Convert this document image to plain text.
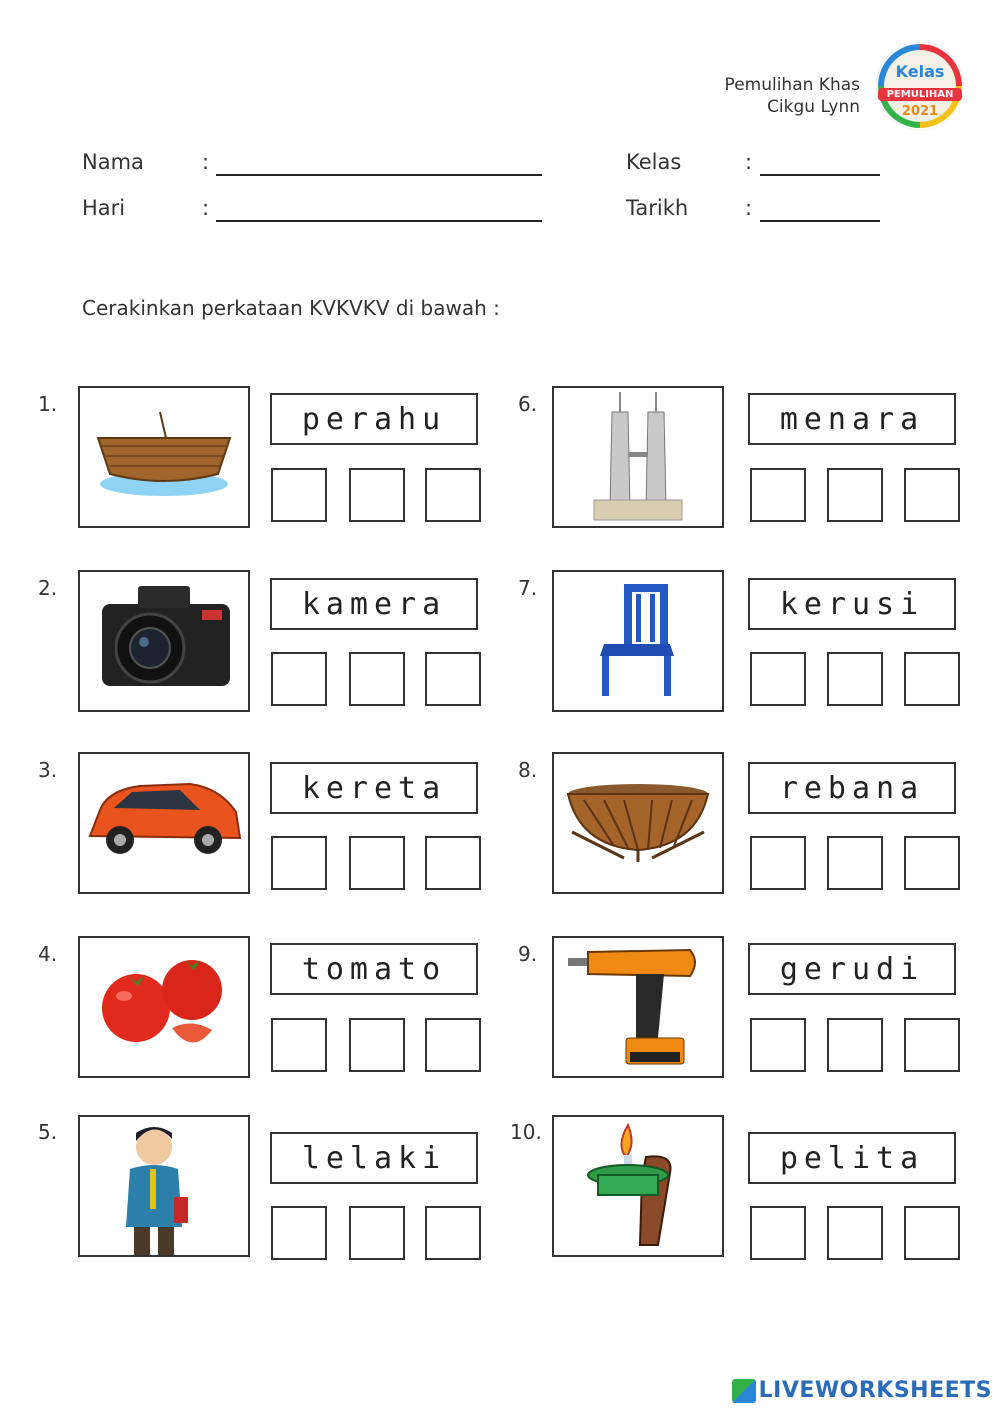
Pemulihan Khas
Cikgu Lynn
Kelas
PEMULIHAN
2021
Nama	:
Hari	:
Kelas	:
Tarikh	:
Cerakinkan perkataan KVKVKV di bawah :
1.	perahu
2.	kamera
3.
kereta
4.	tomato
5.
lelaki
6.	menara
7.	kerusi
8.
rebana
9.	gerudi
10.
pelita
LIVEWORKSHEETS
